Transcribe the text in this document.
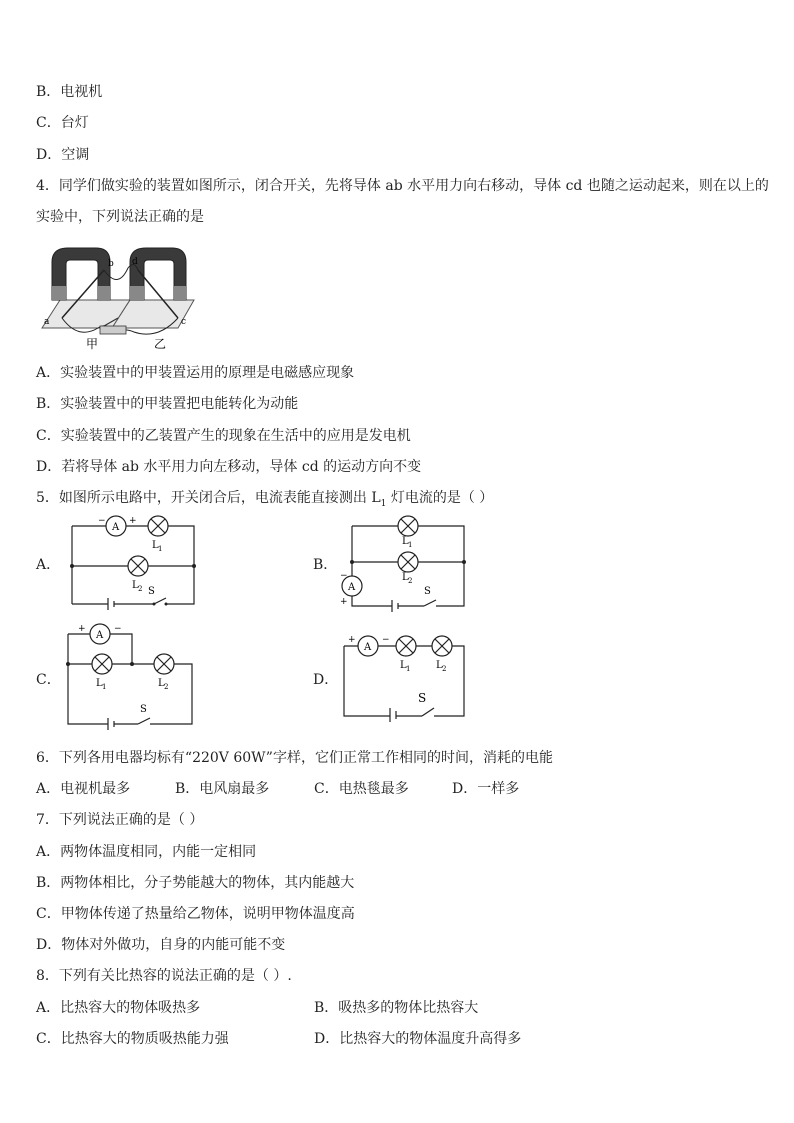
B．电视机
C．台灯
D．空调
4．同学们做实验的装置如图所示，闭合开关，先将导体 ab 水平用力向右移动，导体 cd 也随之运动起来，则在以上的
实验中，下列说法正确的是
a
b
c
d
甲	乙
A．实验装置中的甲装置运用的原理是电磁感应现象
B．实验装置中的甲装置把电能转化为动能
C．实验装置中的乙装置产生的现象在生活中的应用是发电机
D．若将导体 ab 水平用力向左移动，导体 cd 的运动方向不变
5．如图所示电路中，开关闭合后，电流表能直接测出 $L_1$ 灯电流的是（ ）
A．
A
−	+
L 1
L 2 S
B．
A
−
+
L 1
L 2
S
C．
A
+	−
L 1	L 2
S
D．
A
+	−
L 1	L 2
S
6．下列各用电器均标有“220V 60W”字样，它们正常工作相同的时间，消耗的电能
A．电视机最多	B．电风扇最多	C．电热毯最多	D．一样多
7．下列说法正确的是（ ）
A．两物体温度相同，内能一定相同
B．两物体相比，分子势能越大的物体，其内能越大
C．甲物体传递了热量给乙物体，说明甲物体温度高
D．物体对外做功，自身的内能可能不变
8．下列有关比热容的说法正确的是（ ）.
A．比热容大的物体吸热多	B．吸热多的物体比热容大
C．比热容大的物质吸热能力强	D．比热容大的物体温度升高得多
